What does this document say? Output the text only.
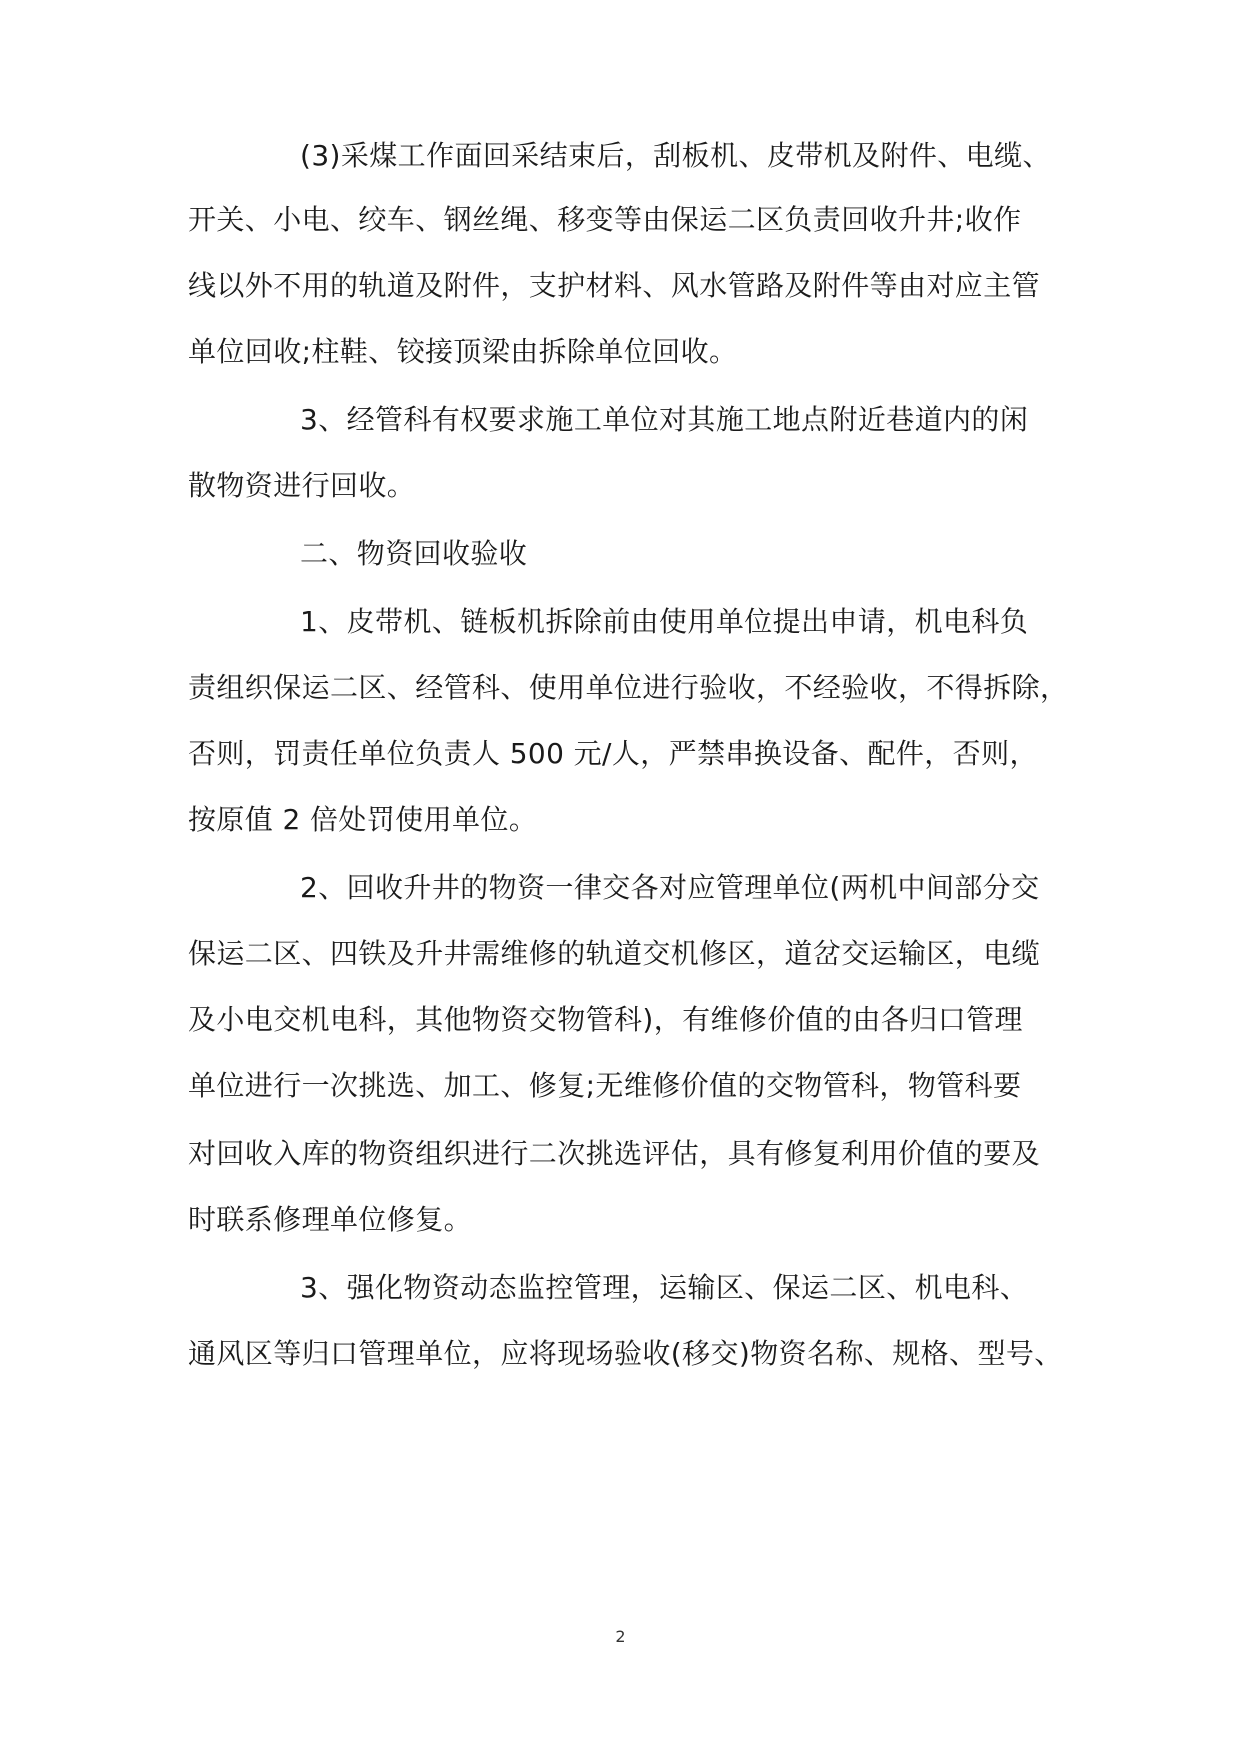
(3)采煤工作面回采结束后，刮板机、皮带机及附件、电缆、
开关、小电、绞车、钢丝绳、移变等由保运二区负责回收升井;收作
线以外不用的轨道及附件，支护材料、风水管路及附件等由对应主管
单位回收;柱鞋、铰接顶梁由拆除单位回收。
3、经管科有权要求施工单位对其施工地点附近巷道内的闲
散物资进行回收。
二、物资回收验收
1、皮带机、链板机拆除前由使用单位提出申请，机电科负
责组织保运二区、经管科、使用单位进行验收，不经验收，不得拆除，
否则，罚责任单位负责人 500 元/人，严禁串换设备、配件，否则，
按原值 2 倍处罚使用单位。
2、回收升井的物资一律交各对应管理单位(两机中间部分交
保运二区、四铁及升井需维修的轨道交机修区，道岔交运输区，电缆
及小电交机电科，其他物资交物管科)，有维修价值的由各归口管理
单位进行一次挑选、加工、修复;无维修价值的交物管科，物管科要
对回收入库的物资组织进行二次挑选评估，具有修复利用价值的要及
时联系修理单位修复。
3、强化物资动态监控管理，运输区、保运二区、机电科、
通风区等归口管理单位，应将现场验收(移交)物资名称、规格、型号、
2
